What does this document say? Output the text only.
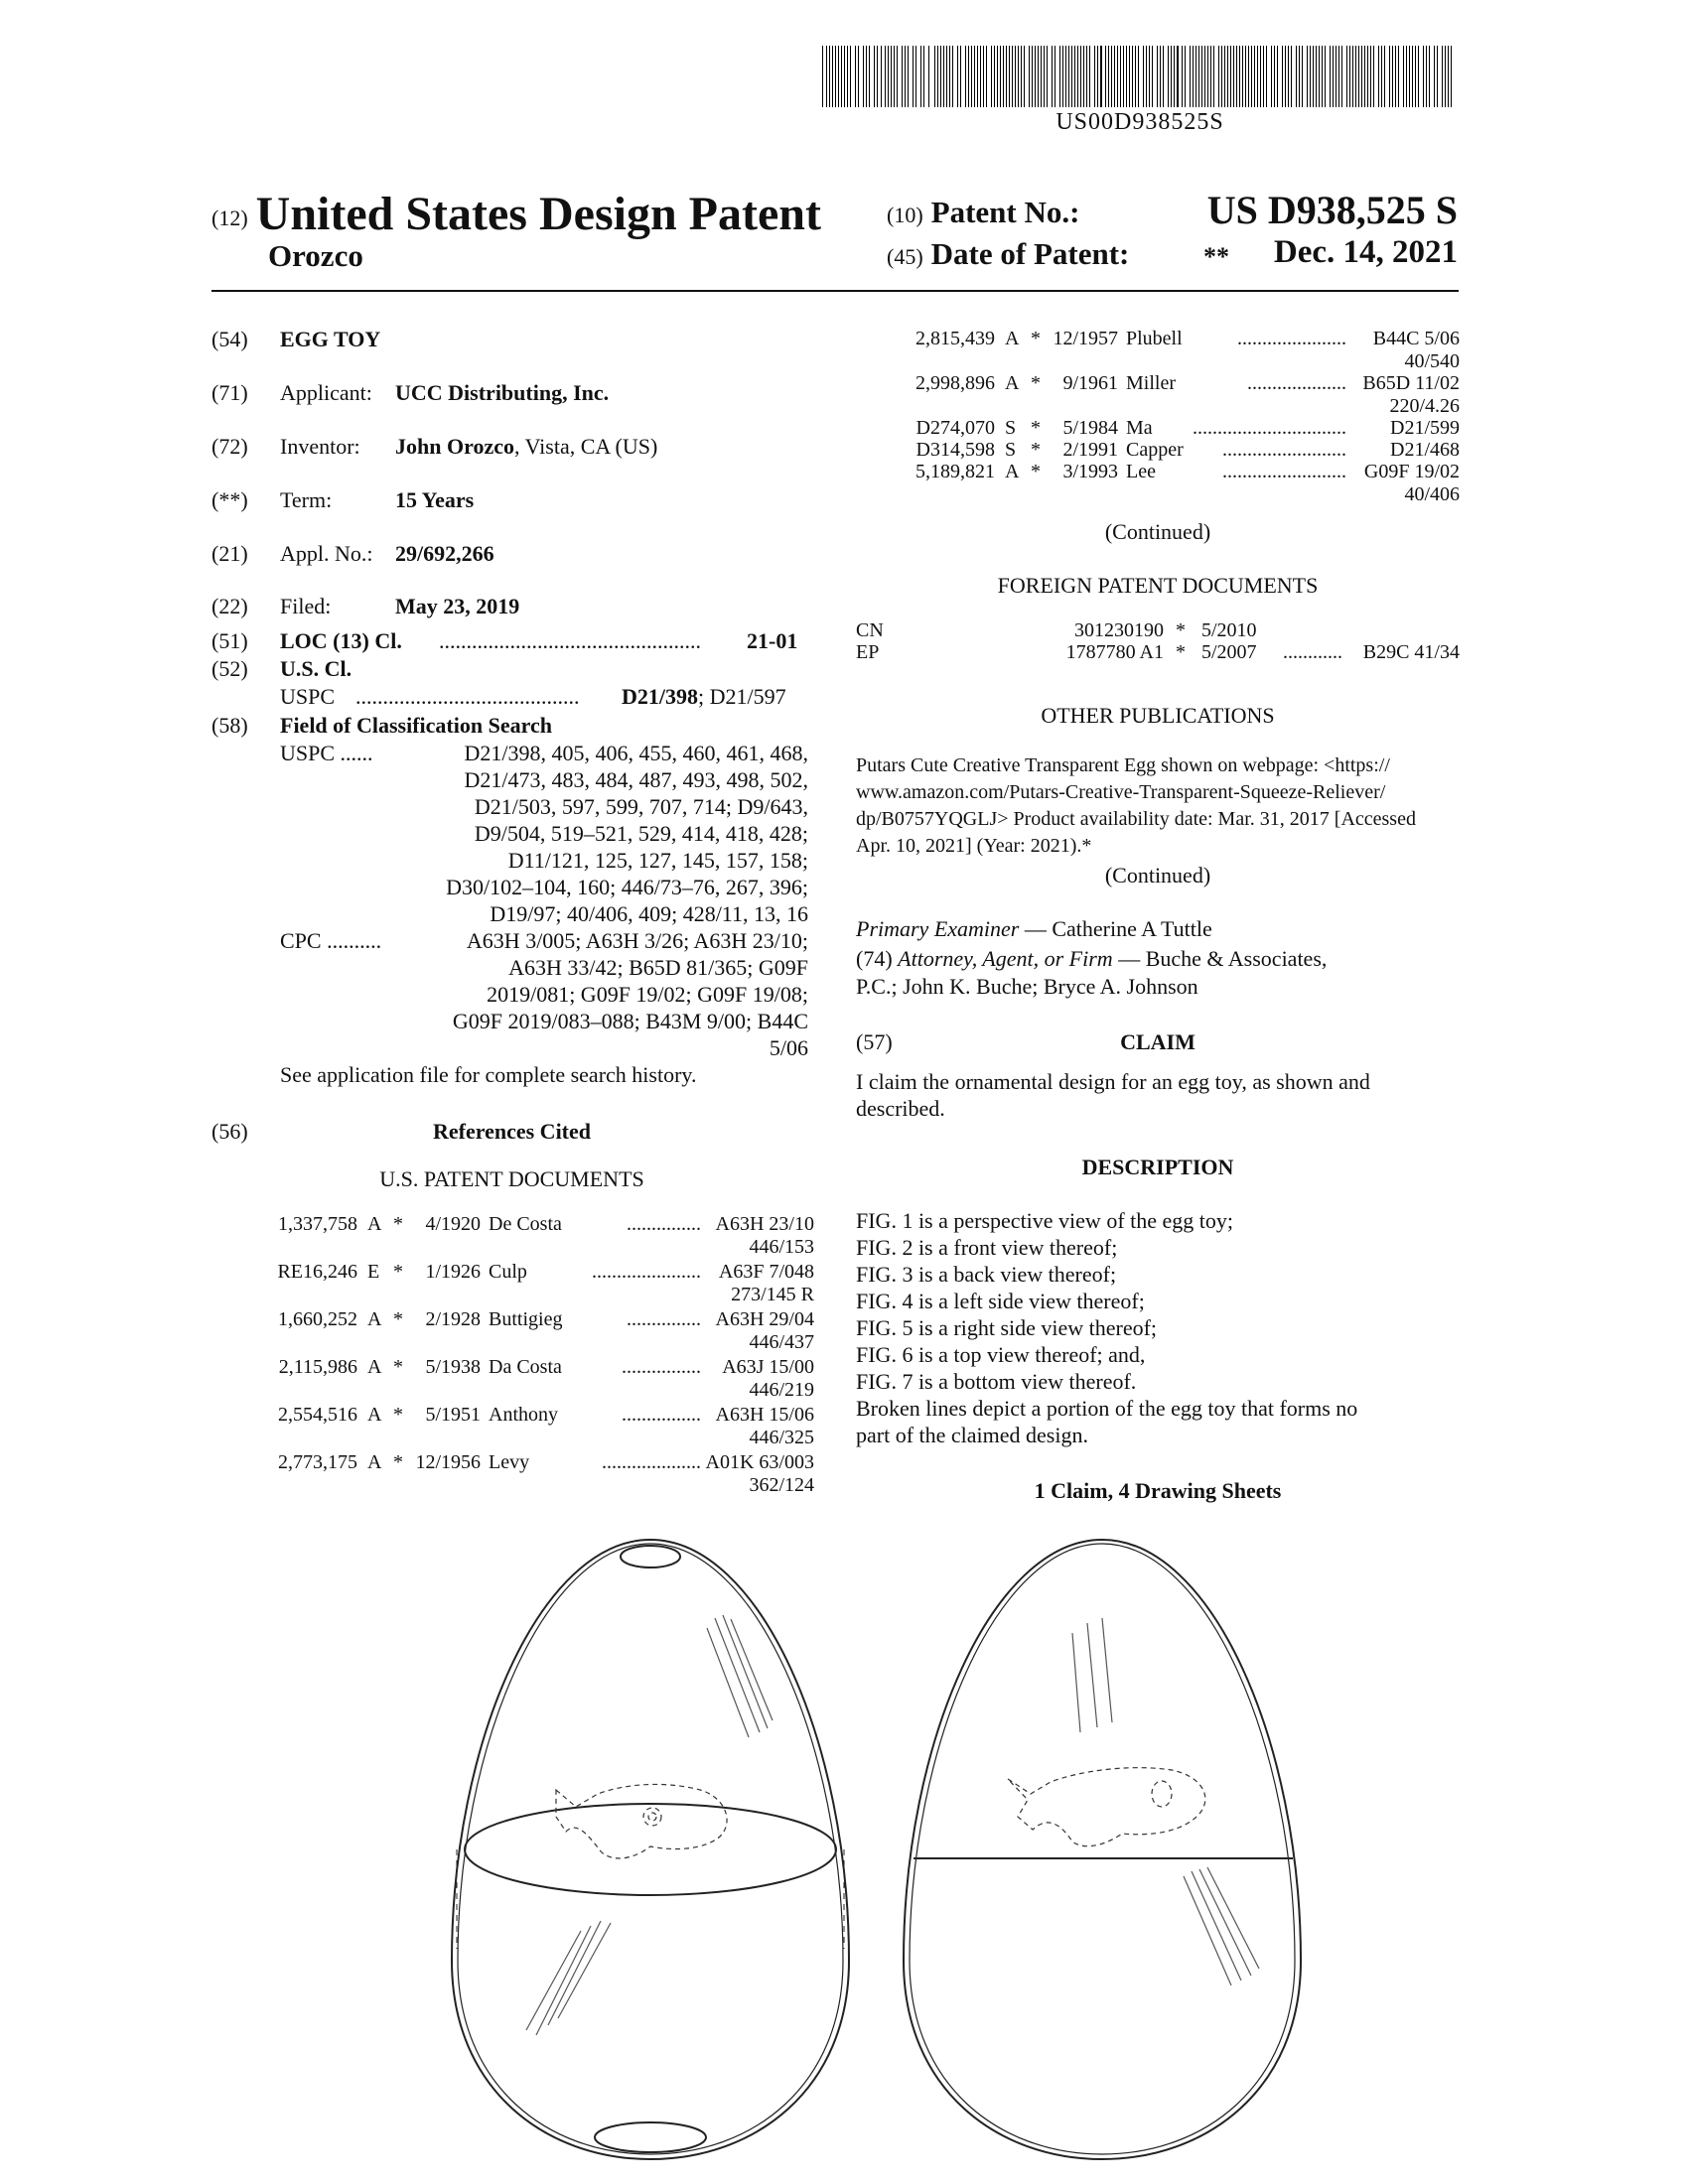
US00D938525S
(12) United States Design Patent
Orozco
(10) Patent No.:	US D938,525 S
(45) Date of Patent:	** Dec. 14, 2021
(54)	EGG TOY
(71)	Applicant: UCC Distributing, Inc.
(72)	Inventor: John Orozco, Vista, CA (US)
(**)	Term:	15 Years
(21)	Appl. No.: 29/692,266
(22)	Filed:	May 23, 2019
(51)	LOC (13) Cl. ................................................ 21-01
(52)	U.S. Cl.
USPC ......................................... D21/398; D21/597
(58)	Field of Classification Search
USPC ......	D21/398, 405, 406, 455, 460, 461, 468,
D21/473, 483, 484, 487, 493, 498, 502,
D21/503, 597, 599, 707, 714; D9/643,
D9/504, 519–521, 529, 414, 418, 428;
D11/121, 125, 127, 145, 157, 158;
D30/102–104, 160; 446/73–76, 267, 396;
D19/97; 40/406, 409; 428/11, 13, 16
CPC ..........	A63H 3/005; A63H 3/26; A63H 23/10;
A63H 33/42; B65D 81/365; G09F
2019/081; G09F 19/02; G09F 19/08;
G09F 2019/083–088; B43M 9/00; B44C
5/06
See application file for complete search history.
(56)	References Cited
U.S. PATENT DOCUMENTS
1,337,758 A *	4/1920 De Costa	............... A63H 23/10
446/153
RE16,246 E *	1/1926 Culp	...................... A63F 7/048
273/145 R
1,660,252 A *	2/1928 Buttigieg	............... A63H 29/04
446/437
2,115,986 A *	5/1938 Da Costa	................ A63J 15/00
446/219
2,554,516 A *	5/1951 Anthony	................ A63H 15/06
446/325
2,773,175 A * 12/1956 Levy	.................... A01K 63/003
362/124
2,815,439 A * 12/1957 Plubell	...................... B44C 5/06
40/540
2,998,896 A *	9/1961 Miller	.................... B65D 11/02
220/4.26
D274,070 S *	5/1984 Ma ............................... D21/599
D314,598 S *	2/1991 Capper ......................... D21/468
5,189,821 A *	3/1993 Lee	......................... G09F 19/02
40/406
(Continued)
FOREIGN PATENT DOCUMENTS
CN	301230190 * 5/2010
EP	1787780 A1 * 5/2007 ............ B29C 41/34
OTHER PUBLICATIONS
Putars Cute Creative Transparent Egg shown on webpage: <https://
www.amazon.com/Putars-Creative-Transparent-Squeeze-Reliever/
dp/B0757YQGLJ> Product availability date: Mar. 31, 2017 [Accessed
Apr. 10, 2021] (Year: 2021).*
(Continued)
Primary Examiner — Catherine A Tuttle
(74) Attorney, Agent, or Firm — Buche & Associates,
P.C.; John K. Buche; Bryce A. Johnson
(57)	CLAIM
I claim the ornamental design for an egg toy, as shown and
described.
DESCRIPTION
FIG. 1 is a perspective view of the egg toy;
FIG. 2 is a front view thereof;
FIG. 3 is a back view thereof;
FIG. 4 is a left side view thereof;
FIG. 5 is a right side view thereof;
FIG. 6 is a top view thereof; and,
FIG. 7 is a bottom view thereof.
Broken lines depict a portion of the egg toy that forms no
part of the claimed design.
1 Claim, 4 Drawing Sheets
